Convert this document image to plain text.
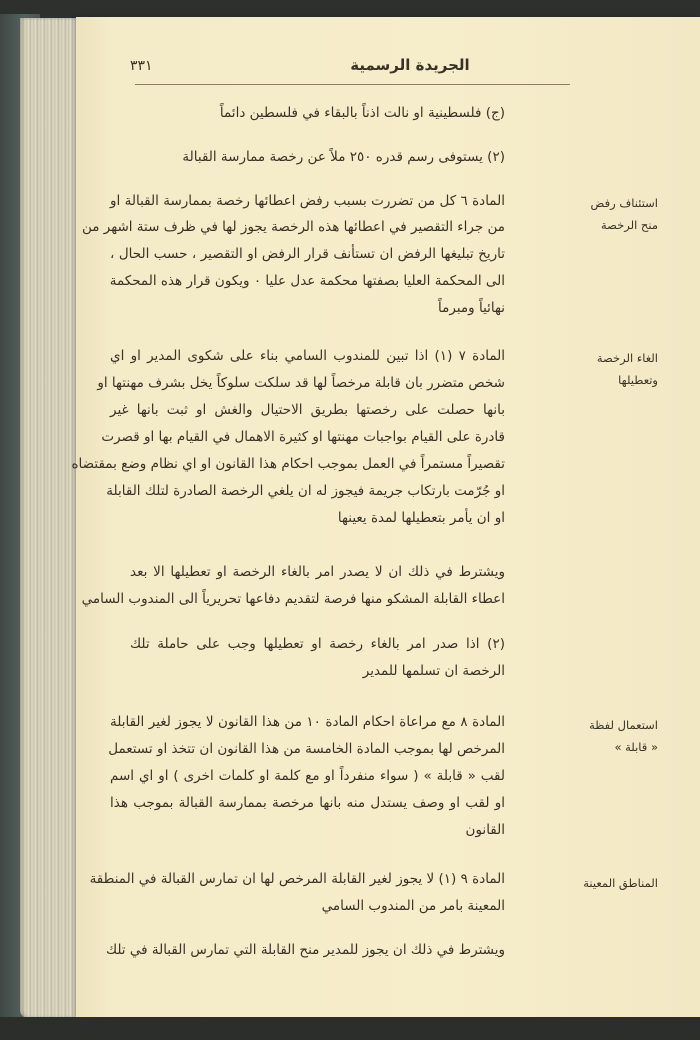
٣٣١	الجريدة الرسمية
(ج) فلسطينية او نالت اذناً بالبقاء في فلسطين دائماً
(٢) يستوفى رسم قدره ٢٥٠ ملاً عن رخصة ممارسة القبالة
استئناف رفض
منح الرخصة
المادة ٦ كل من تضررت بسبب رفض اعطائها رخصة بممارسة القبالة او
من جراء التقصير في اعطائها هذه الرخصة يجوز لها في ظرف ستة اشهر من
تاريخ تبليغها الرفض ان تستأنف قرار الرفض او التقصير ، حسب الحال ،
الى المحكمة العليا بصفتها محكمة عدل عليا ٠ ويكون قرار هذه المحكمة
نهائياً ومبرماً
الغاء الرخصة
وتعطيلها
المادة ٧ (١) اذا تبين للمندوب السامي بناء على شكوى المدير او اي
شخص متضرر بان قابلة مرخصاً لها قد سلكت سلوكاً يخل بشرف مهنتها او
بانها حصلت على رخصتها بطريق الاحتيال والغش او ثبت بانها غير
قادرة على القيام بواجبات مهنتها او كثيرة الاهمال في القيام بها او قصرت
تقصيراً مستمراً في العمل بموجب احكام هذا القانون او اي نظام وضع بمقتضاه
او جُرّمت بارتكاب جريمة فيجوز له ان يلغي الرخصة الصادرة لتلك القابلة
او ان يأمر بتعطيلها لمدة يعينها
ويشترط في ذلك ان لا يصدر امر بالغاء الرخصة او تعطيلها الا بعد
اعطاء القابلة المشكو منها فرصة لتقديم دفاعها تحريرياً الى المندوب السامي
(٢) اذا صدر امر بالغاء رخصة او تعطيلها وجب على حاملة تلك
الرخصة ان تسلمها للمدير
استعمال لفظة
« قابلة »
المادة ٨ مع مراعاة احكام المادة ١٠ من هذا القانون لا يجوز لغير القابلة
المرخص لها بموجب المادة الخامسة من هذا القانون ان تتخذ او تستعمل
لقب « قابلة » ( سواء منفرداً او مع كلمة او كلمات اخرى ) او اي اسم
او لقب او وصف يستدل منه بانها مرخصة بممارسة القبالة بموجب هذا
القانون
المناطق المعينة
المادة ٩ (١) لا يجوز لغير القابلة المرخص لها ان تمارس القبالة في المنطقة
المعينة بامر من المندوب السامي
ويشترط في ذلك ان يجوز للمدير منح القابلة التي تمارس القبالة في تلك
